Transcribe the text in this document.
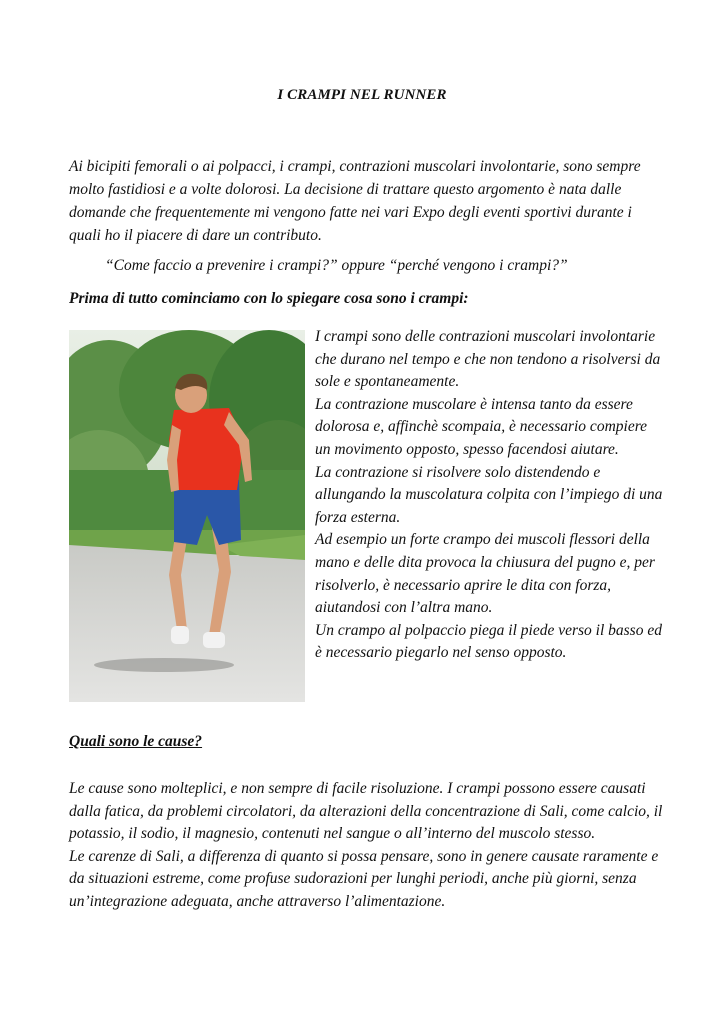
I CRAMPI NEL RUNNER

Ai bicipiti femorali o ai polpacci, i crampi, contrazioni muscolari involontarie, sono sempre molto fastidiosi e a volte dolorosi. La decisione di trattare questo argomento è nata dalle domande che frequentemente mi vengono fatte nei vari Expo degli eventi sportivi durante i quali ho il piacere di dare un contributo.

“Come faccio a prevenire i crampi?” oppure “perché vengono i crampi?”
Prima di tutto cominciamo con lo spiegare cosa sono i crampi:

I crampi sono delle contrazioni muscolari involontarie che durano nel tempo e che non tendono a risolversi da sole e spontaneamente.

La contrazione muscolare è intensa tanto da essere dolorosa e, affinchè scompaia, è necessario compiere un movimento opposto, spesso facendosi aiutare.

La contrazione si risolvere solo distendendo e allungando la muscolatura colpita con l’impiego di una forza esterna.

Ad esempio un forte crampo dei muscoli flessori della mano e delle dita provoca la chiusura del pugno e, per risolverlo, è necessario aprire le dita con forza, aiutandosi con l’altra mano.

Un crampo al polpaccio piega il piede verso il basso ed è necessario piegarlo nel senso opposto.

Quali sono le cause?

Le cause sono molteplici, e non sempre di facile risoluzione. I crampi possono essere causati dalla fatica, da problemi circolatori, da alterazioni della concentrazione di Sali, come calcio, il potassio, il sodio, il magnesio, contenuti nel sangue o all’interno del muscolo stesso.

Le carenze di Sali, a differenza di quanto si possa pensare, sono in genere causate raramente e da situazioni estreme, come profuse sudorazioni per lunghi periodi, anche più giorni, senza un’integrazione adeguata, anche attraverso l’alimentazione.
